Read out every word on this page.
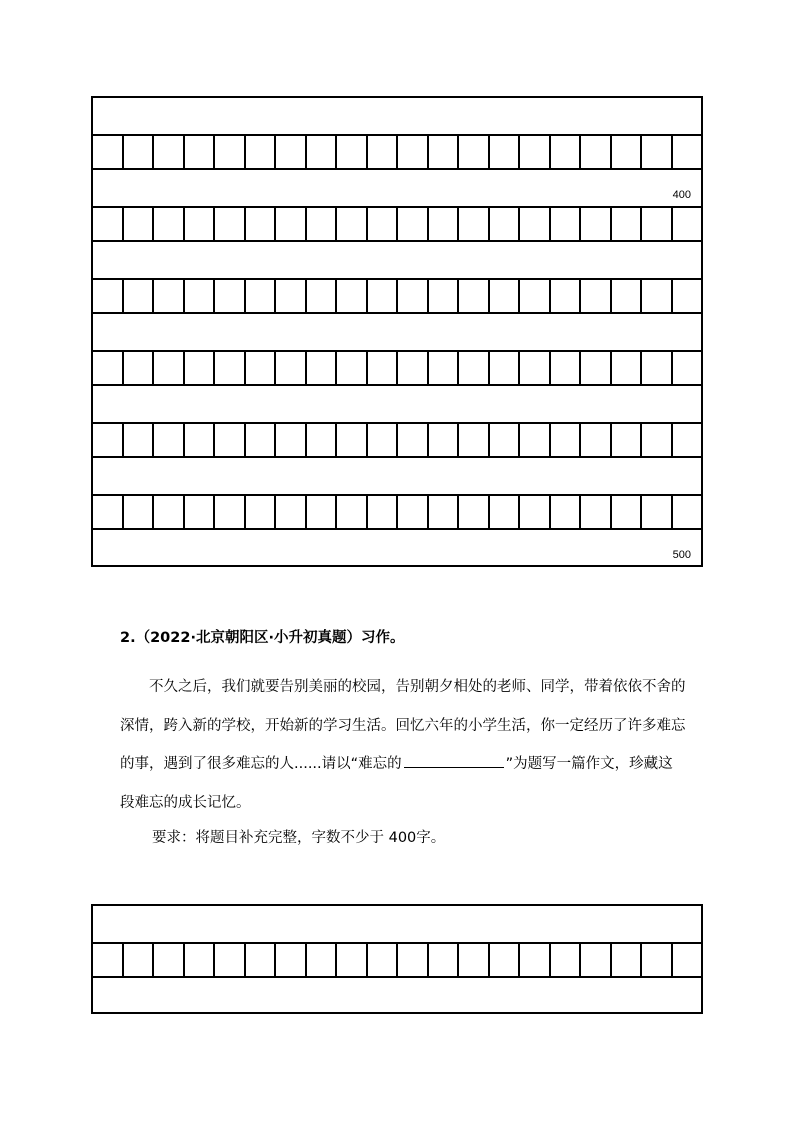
400
500

2.（2022·北京朝阳区·小升初真题）习作。

不久之后，我们就要告别美丽的校园，告别朝夕相处的老师、同学，带着依依不舍的深情，跨入新的学校，开始新的学习生活。回忆六年的小学生活，你一定经历了许多难忘的事，遇到了很多难忘的人......请以“难忘的	”为题写一篇作文，珍藏这段难忘的成长记忆。

要求：将题目补充完整，字数不少于 400字。
